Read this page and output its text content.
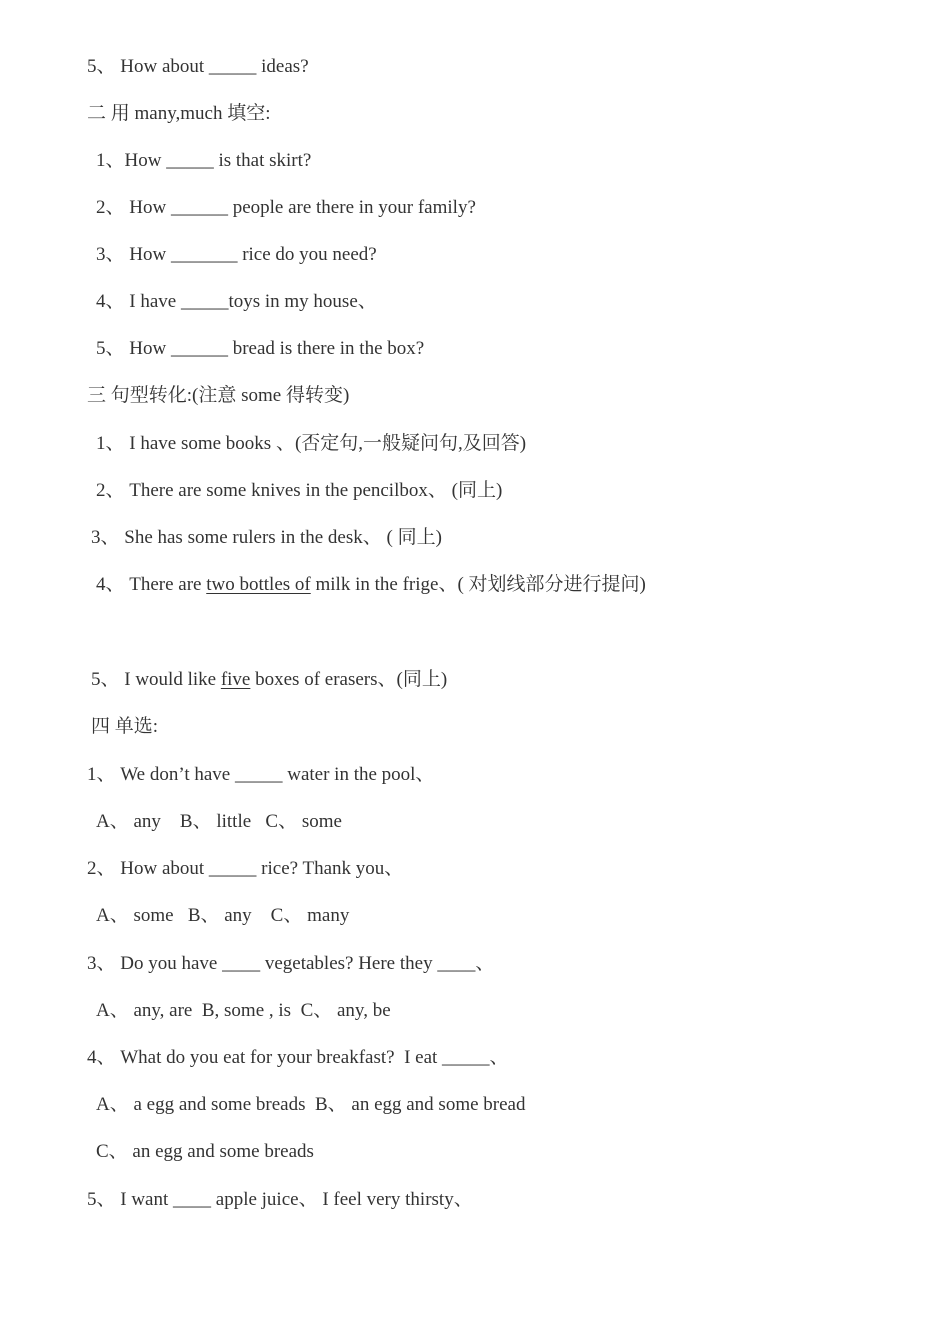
5、 How about _____ ideas?
二 用 many,much 填空:
1、How _____ is that skirt?
2、 How ______ people are there in your family?
3、 How _______ rice do you need?
4、 I have _____toys in my house、
5、 How ______ bread is there in the box?
三 句型转化:(注意 some 得转变)
1、 I have some books 、(否定句,一般疑问句,及回答)
2、 There are some knives in the pencilbox、 (同上)
3、 She has some rulers in the desk、 ( 同上)
4、 There are two bottles of milk in the frige、( 对划线部分进行提问)
5、 I would like five boxes of erasers、(同上)
四 单选:
1、 We don’t have _____ water in the pool、
A、 any    B、 little   C、 some
2、 How about _____ rice? Thank you、
A、 some   B、 any    C、 many
3、 Do you have ____ vegetables? Here they ____、
A、 any, are  B, some , is  C、 any, be
4、 What do you eat for your breakfast?  I eat _____、
A、 a egg and some breads  B、 an egg and some bread
C、 an egg and some breads
5、 I want ____ apple juice、 I feel very thirsty、
